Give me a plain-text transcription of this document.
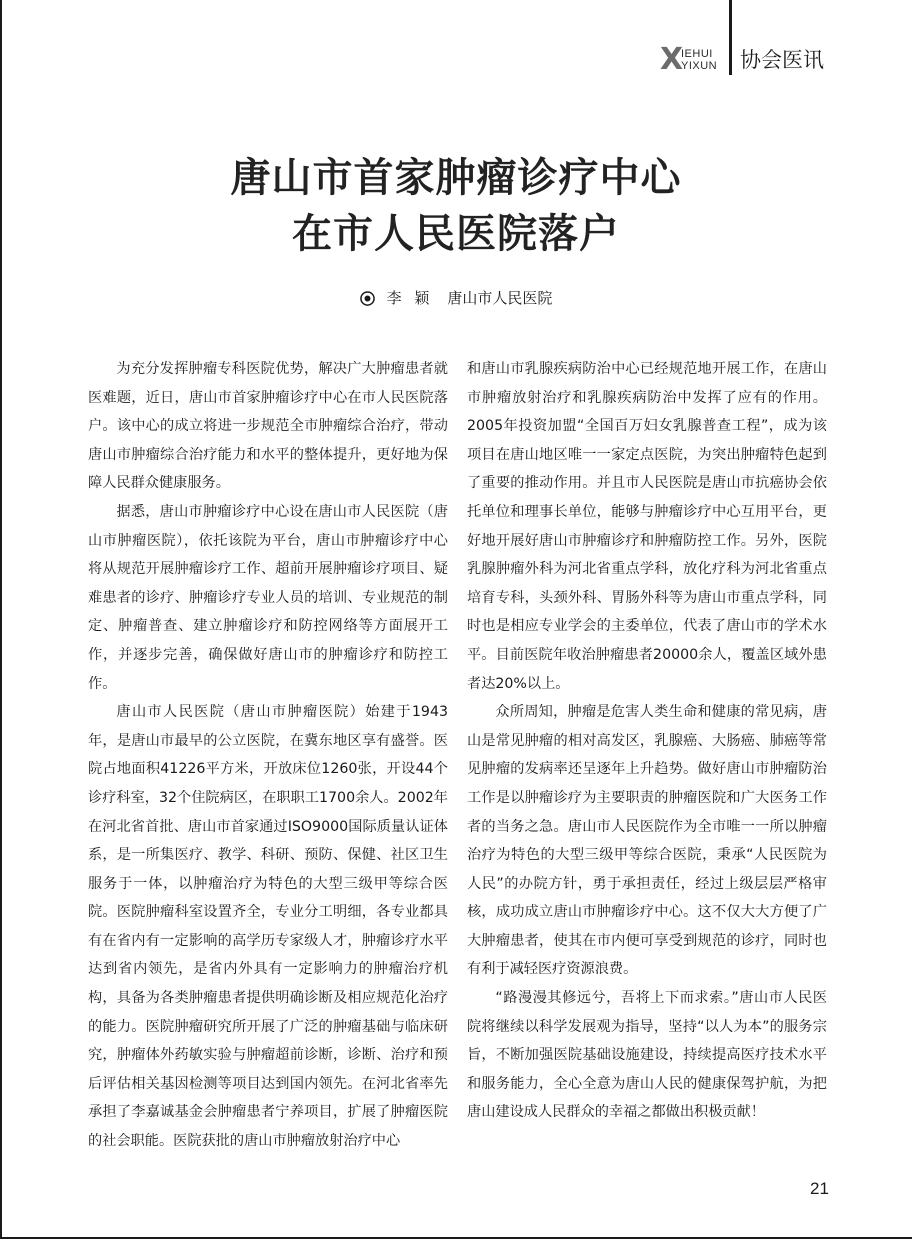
X
IEHUI
YIXUN 协会医讯
唐山市首家肿瘤诊疗中心
在市人民医院落户
李 颖 唐山市人民医院

为充分发挥肿瘤专科医院优势，解决广大肿瘤患者就医难题，近日，唐山市首家肿瘤诊疗中心在市人民医院落户。该中心的成立将进一步规范全市肿瘤综合治疗，带动唐山市肿瘤综合治疗能力和水平的整体提升，更好地为保障人民群众健康服务。

据悉，唐山市肿瘤诊疗中心设在唐山市人民医院（唐山市肿瘤医院），依托该院为平台，唐山市肿瘤诊疗中心将从规范开展肿瘤诊疗工作、超前开展肿瘤诊疗项目、疑难患者的诊疗、肿瘤诊疗专业人员的培训、专业规范的制定、肿瘤普查、建立肿瘤诊疗和防控网络等方面展开工作，并逐步完善，确保做好唐山市的肿瘤诊疗和防控工作。

唐山市人民医院（唐山市肿瘤医院）始建于1943年，是唐山市最早的公立医院，在冀东地区享有盛誉。医院占地面积41226平方米，开放床位1260张，开设44个诊疗科室，32个住院病区，在职职工1700余人。2002年在河北省首批、唐山市首家通过ISO9000国际质量认证体系，是一所集医疗、教学、科研、预防、保健、社区卫生服务于一体，以肿瘤治疗为特色的大型三级甲等综合医院。医院肿瘤科室设置齐全，专业分工明细，各专业都具有在省内有一定影响的高学历专家级人才，肿瘤诊疗水平达到省内领先，是省内外具有一定影响力的肿瘤治疗机构，具备为各类肿瘤患者提供明确诊断及相应规范化治疗的能力。医院肿瘤研究所开展了广泛的肿瘤基础与临床研究，肿瘤体外药敏实验与肿瘤超前诊断，诊断、治疗和预后评估相关基因检测等项目达到国内领先。在河北省率先承担了李嘉诚基金会肿瘤患者宁养项目，扩展了肿瘤医院的社会职能。医院获批的唐山市肿瘤放射治疗中心

和唐山市乳腺疾病防治中心已经规范地开展工作，在唐山市肿瘤放射治疗和乳腺疾病防治中发挥了应有的作用。2005年投资加盟“全国百万妇女乳腺普查工程”，成为该项目在唐山地区唯一一家定点医院，为突出肿瘤特色起到了重要的推动作用。并且市人民医院是唐山市抗癌协会依托单位和理事长单位，能够与肿瘤诊疗中心互用平台，更好地开展好唐山市肿瘤诊疗和肿瘤防控工作。另外，医院乳腺肿瘤外科为河北省重点学科，放化疗科为河北省重点培育专科，头颈外科、胃肠外科等为唐山市重点学科，同时也是相应专业学会的主委单位，代表了唐山市的学术水平。目前医院年收治肿瘤患者20000余人，覆盖区域外患者达20%以上。

众所周知，肿瘤是危害人类生命和健康的常见病，唐山是常见肿瘤的相对高发区，乳腺癌、大肠癌、肺癌等常见肿瘤的发病率还呈逐年上升趋势。做好唐山市肿瘤防治工作是以肿瘤诊疗为主要职责的肿瘤医院和广大医务工作者的当务之急。唐山市人民医院作为全市唯一一所以肿瘤治疗为特色的大型三级甲等综合医院，秉承“人民医院为人民”的办院方针，勇于承担责任，经过上级层层严格审核，成功成立唐山市肿瘤诊疗中心。这不仅大大方便了广大肿瘤患者，使其在市内便可享受到规范的诊疗，同时也有利于减轻医疗资源浪费。

“路漫漫其修远兮，吾将上下而求索。”唐山市人民医院将继续以科学发展观为指导，坚持“以人为本”的服务宗旨，不断加强医院基础设施建设，持续提高医疗技术水平和服务能力，全心全意为唐山人民的健康保驾护航，为把唐山建设成人民群众的幸福之都做出积极贡献！

21
